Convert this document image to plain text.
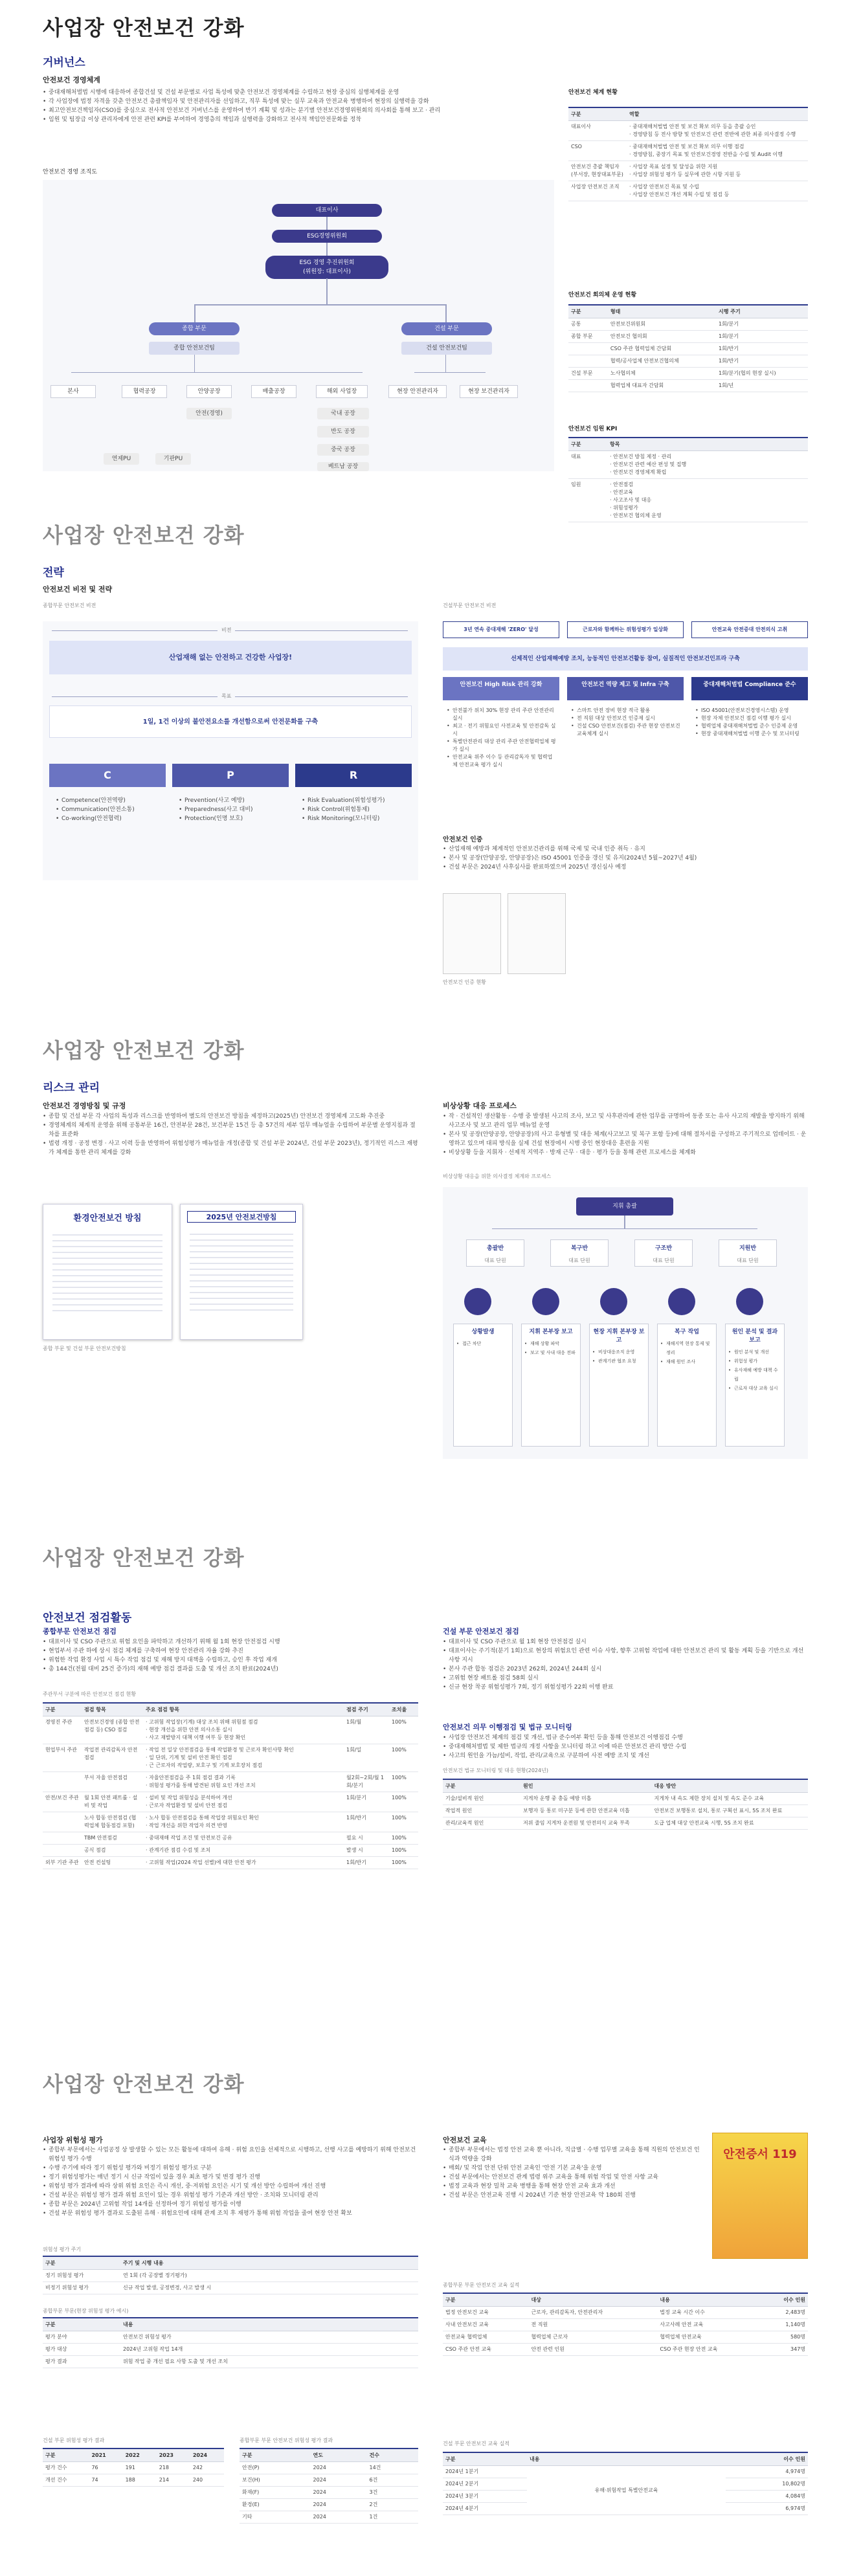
사업장 안전보건 강화
거버넌스
안전보건 경영체계
• 중대재해처벌법 시행에 대응하여 종합건설 및 건설 부문별로 사업 특성에 맞춘 안전보건 경영체계를 수립하고 현장 중심의 실행체계를 운영
• 각 사업장에 법정 자격을 갖춘 안전보건 총괄책임자 및 안전관리자를 선임하고, 직무 특성에 맞는 실무 교육과 안전교육 병행하여 현장의 실행력을 강화
• 최고안전보건책임자(CSO)를 중심으로 전사적 안전보건 거버넌스를 운영하여 반기 계획 및 성과는 분기별 안전보건경영위원회의 의사회를 통해 보고 · 관리
• 임원 및 팀장급 이상 관리자에게 안전 관련 KPI를 부여하여 경영층의 책임과 실행력을 강화하고 전사적 책임안전문화를 정착
안전보건 경영 조직도
대표이사
ESG경영위원회
ESG 경영 추진위원회
(위원장: 대표이사)
종합 부문
종합 안전보건팀
건설 부문
건설 안전보건팀
본사	협력공장	안양공장	배출공장	해외 사업장
안전(경영)
연제PU	기판PU
국내 공장
반도 공장
중국 공장
베트남 공장
현장 안전관리자	현장 보건관리자
안전보건 체계 현황
구분	역할
대표이사	· 중대재해처벌법 안전 및 보건 확보 의무 등을 총괄 승인
· 경영방침 등 전사 방향 및 안전보건 관련 전반에 관한 최종 의사결정 수행
CSO	· 중대재해처벌법 안전 및 보건 확보 의무 이행 점검
· 경영방침, 중장기 목표 및 안전보건경영 전반을 수립 및 Audit 이행
안전보건 총괄 책임자(부서장, 현장대표부문)	· 사업장 목표 설정 및 달성을 위한 지원
· 사업장 위험성 평가 등 실무에 관한 시항 지원 등
사업장 안전보건 조직	· 사업장 안전보건 목표 및 수립
· 사업장 안전보건 개선 계획 수립 및 점검 등
안전보건 회의체 운영 현황
구분	형태	시행 주기
공통	안전보건위원회	1회/분기
종합 부문	안전보건 협의회	1회/분기
	CSO 주관 협력업체 간담회	1회/반기
	협력/공사업체 안전보건협의체	1회/반기
건설 부문	노사협의체	1회/분기(협의 현장 실시)
	협력업체 대표자 간담회	1회/년
안전보건 임원 KPI
구분	항목
대표	· 안전보건 방침 제정 · 관리
· 안전보건 관련 예산 편성 및 집행
· 안전보건 경영체계 확립
임원	· 안전점검
· 안전교육
· 사고조사 및 대응
· 위험성평가
· 안전보건 협의체 운영
사업장 안전보건 강화
전략
안전보건 비전 및 전략
종합부문 안전보건 비전
비전
산업재해 없는 안전하고 건강한 사업장!
목표
1일, 1건 이상의 불안전요소를 개선함으로써 안전문화를 구축
C	P	R
• Competence(안전역량)
• Communication(안전소통)
• Co-working(안전협력)
• Prevention(사고 예방)
• Preparedness(사고 대비)
• Protection(인명 보호)
• Risk Evaluation(위험성평가)
• Risk Control(위험통제)
• Risk Monitoring(모니터링)
건설부문 안전보건 비전
3년 연속 중대재해 'ZERO' 달성	근로자와 함께하는 위험성평가 일상화	안전교육 안전증대 안전의식 고취
선제적인 산업재해예방 조치, 능동적인 안전보건활동 참여, 실질적인 안전보건인프라 구축
안전보건 High Risk 관리 강화	안전보건 역량 제고 및 Infra 구축	중대재해처벌법 Compliance 준수
• 안전불가 위치 30% 현장 관리 주관 안전관리실시
• 최고 · 전기 위험요인 사전교육 및 안전감독 실시
• 특별안전관리 대상 관리 주관 안전협력업체 평가 실시
• 안전교육 위주 이수 등 관리감독자 및 협력업체 안전교육 평가 실시
• 스마트 안전 장비 현장 적극 활용
• 전 직원 대상 안전보건 인증제 실시
• 건설 CSO 안전보건(점검) 주관 현장 안전보건 교육체계 실시
• ISO 45001(안전보건경영시스템) 운영
• 현장 자체 안전보건 점검 이행 평가 실시
• 협력업체 중대재해처벌법 준수 인증제 운영
• 현장 중대재해처벌법 이행 준수 및 모니터링
안전보건 인증
• 산업재해 예방과 체계적인 안전보건관리를 위해 국제 및 국내 인증 취득 · 유지
• 본사 및 공장(안양공장, 안양공장)은 ISO 45001 인증을 갱신 및 유지(2024년 5월~2027년 4월)
• 건설 부문은 2024년 사후심사를 완료하였으며 2025년 갱신심사 예정
안전보건 인증 현황
사업장 안전보건 강화
리스크 관리
안전보건 경영방침 및 규정
• 종합 및 건설 부문 각 사업의 특성과 리스크를 반영하여 별도의 안전보건 방침을 제정하고(2025년) 안전보건 경영체계 고도화 추진중
• 경영체계의 체계적 운영을 위해 공통부문 16건, 안전부문 28건, 보건부문 15건 등 총 57건의 세부 업무 매뉴얼을 수립하여 부문별 운영지침과 절차를 표준화
• 법령 개정 · 공정 변경 · 사고 이력 등을 반영하여 위험성평가 매뉴얼을 개정(종합 및 건설 부문 2024년, 건설 부문 2023년), 정기적인 리스크 재평가 체계를 통한 관리 체계를 강화
환경안전보건 방침	2025년 안전보건방침
종합 부문 및 건설 부문 안전보건방침
비상상황 대응 프로세스
• 작 · 건설적인 생산활동 · 수행 중 발생된 사고의 조사, 보고 및 사후관리에 관한 업무를 규명하여 동종 또는 유사 사고의 재발을 방지하기 위해 사고조사 및 보고 관리 업무 매뉴얼 운영
• 본사 및 공장(안양공장, 안양공장)의 사고 유형별 및 대응 체계(사고보고 및 복구 포함 등)에 대해 절차서를 구성하고 주기적으로 업데이트 · 운영하고 있으며 대피 방식을 실제 건설 현장에서 시행 중인 현장대응 훈련을 지원
• 비상상황 등을 지휘자 · 선제적 지역주 · 방재 근무 · 대응 · 평가 등을 통해 관련 프로세스를 체계화
비상상황 대응을 위한 의사결정 체계와 프로세스
지휘 총괄
총괄반
대표 단원
복구반
대표 단원
구조반
대표 단원
지원반
대표 단원
상황발생
• 접근 차단
지휘 본부장 보고
• 재해 상황 파악
• 보고 및 사내 대응 전파
현장 지휘 본부장 보고
• 비상대응조직 운영
• 관계기관 협조 요청
복구 작업
• 재해지역 현장 통제 및 정리
• 재해 원인 조사
원인 분석 및 결과 보고
• 원인 분석 및 개선
• 위험성 평가
• 유사재해 예방 대책 수립
• 근로자 대상 교육 실시
사업장 안전보건 강화
안전보건 점검활동
종합부문 안전보건 점검
• 대표이사 및 CSO 주관으로 위험 요인을 파악하고 개선하기 위해 월 1회 현장 안전점검 시행
• 현업부서 주관 하에 상시 점검 체계를 구축하여 현장 안전관리 자율 강화 추진
• 위험한 작업 환경 사업 시 특수 작업 점검 및 재해 방지 대책을 수립하고, 승인 후 작업 재개
• 총 144건(전월 대비 25건 증가)의 재해 예방 점검 결과를 도출 및 개선 조치 완료(2024년)
주관부서 구분에 따른 안전보건 점검 현황
구분	점검 항목	주요 점검 항목	점검 주기	조치율
경영진 주관	안전보건경영 (종합 안전점검 등) CSO 점검	· 고위험 작업장(기계) 대상 조치 위해 위험점 점검
· 현장 개선을 위한 안전 의사소통 실시
· 사고 재발방지 대책 이행 여부 등 현장 확인	1회/월	100%
현업부서 주관	작업전 관리감독자 안전점검	· 작업 전 일상 안전점검을 통해 작업환경 및 근로자 확인사항 확인
· 일 단위, 기계 및 설비 안전 확인 점검
· 근 근로자의 작업량, 보호구 및 기계 보호장치 점검	1회/일	100%
	부서 자율 안전점검	· 자율안전점검을 주 1회 점검 결과 기록
· 위험성 평가를 통해 발견된 위험 요인 개선 조치	월2회~2회/월 1회/분기	100%
안전/보건 주관	월 1회 안전 패트롤 · 설비 및 작업	· 설비 및 작업 위험성을 분석하여 개선
· 근로자 작업환경 및 설비 안전 점검	1회/분기	100%
	노사 합동 안전점검 (협력업체 합동점검 포함)	· 노사 합동 안전점검을 통해 작업장 위험요인 확인
· 작업 개선을 위한 작업자 의견 반영	1회/반기	100%
	TBM 안전점검	· 중대재해 작업 조건 및 안전보건 공유	필요 시	100%
	공식 점검	· 관계기관 점검 수검 및 조치	발생 시	100%
외부 기관 주관	안전 컨설팅	· 고위험 작업(2024 작업 선별)에 대한 안전 평가	1회/반기	100%
건설 부문 안전보건 점검
• 대표이사 및 CSO 주관으로 월 1회 현장 안전점검 실시
• 대표이사는 주기적(분기 1회)으로 현장의 위험요인 관련 이슈 사항, 향후 고위험 작업에 대한 안전보건 관리 및 활동 계획 등을 기반으로 개선 사항 지시
• 본사 주관 합동 점검은 2023년 262회, 2024년 244회 실시
• 고위험 현장 패트롤 점검 58회 실시
• 신규 현장 착공 위험성평가 7회, 정기 위험성평가 22회 이행 완료
안전보건 의무 이행점검 및 법규 모니터링
• 사업장 안전보건 체계의 점검 및 개선, 법규 준수여부 확인 등을 통해 안전보건 이행점검 수행
• 중대재해처벌법 및 제한 법규의 개정 사항을 모니터링 하고 이에 따른 안전보건 관리 방안 수립
• 사고의 원인을 가늠/설비, 작업, 관리/교육으로 구분하여 사전 예방 조치 및 개선
안전보건 법규 모니터링 및 대응 현황(2024년)
구분	원인	대응 방안
기술/설비적 원인	지게차 운행 중 충돌 예방 미흡	지게차 내 속도 제한 장치 설치 및 속도 준수 교육
작업적 원인	보행자 등 통로 미구분 등에 관한 안전교육 미흡	안전보건 보행통로 설치, 통로 구획선 표시, 5S 조치 완료
관리/교육적 원인	저위 줄임 지게차 운전원 및 안전의식 교육 부족	도급 업체 대상 안전교육 시행, 5S 조치 완료
사업장 안전보건 강화
사업장 위험성 평가
• 종합부 부문에서는 사업공정 상 발생할 수 있는 모든 활동에 대하여 유해 · 위험 요인을 선제적으로 시행하고, 선행 사고를 예방하기 위해 안전보건 위험성 평가 수행
• 수행 주기에 따라 정기 위험성 평가와 비정기 위험성 평가로 구분
• 정기 위험성평가는 매년 정기 시 신규 작업이 있을 경우 최초 평가 및 변경 평가 진행
• 위험성 평가 결과에 따라 상위 위험 요인은 즉시 개선, 중·저위험 요인은 시기 및 개선 방안 수립하여 개선 진행
• 건설 부문은 위험성 평가 결과 위험 요인이 있는 경우 위험성 평가 기준과 개선 방안 · 조치와 모니터링 관리
• 종합 부문은 2024년 고위험 작업 14개를 선정하여 정기 위험성 평가를 이행
• 건설 부문 위험성 평가 결과로 도출된 유해 · 위험요인에 대해 관계 조치 후 재평가 통해 위험 작업을 줄여 현장 안전 확보
위험성 평가 주기
구분	주기 및 시행 내용
정기 위험성 평가	연 1회 (각 공장별 정기평가)
비정기 위험성 평가	신규 작업 발생, 공정변경, 사고 발생 시
종합부문 부문(현장 위험성 평가 예시)
구분	내용
평가 분야	안전보건 위험성 평가
평가 대상	2024년 고위험 작업 14개
평가 결과	위험 작업 중 개선 필요 사항 도출 및 개선 조치
건설 부문 위험성 평가 결과
구분	2021	2022	2023	2024
평가 건수	76	191	218	242
개선 건수	74	188	214	240
종합부문 부문 안전보건 위험성 평가 결과
구분	연도	건수
안전(P)	2024	14건
보건(H)	2024	6건
화재(F)	2024	3건
환경(E)	2024	2건
기타	2024	1건
안전보건 교육
• 종합부 부문에서는 법정 안전 교육 뿐 아니라, 직급별 · 수행 업무별 교육을 통해 직원의 안전보건 인식과 역량을 강화
• 매회/ 및 작업 안전 단위 안전 교육인 '안전 기본 교육'을 운영
• 건설 부문에서는 안전보건 관계 법령 위주 교육을 통해 위험 작업 및 안전 사항 교육
• 법정 교육과 현장 밀착 교육 병행을 통해 현장 안전 교육 효과 개선
• 건설 부문은 안전교육 진행 시 2024년 기준 현장 안전교육 약 180회 진행
안전증서 119
종합부문 부문 안전보건 교육 실적
구분	대상	내용	이수 인원
법정 안전보건 교육	근로자, 관리감독자, 안전관리자	법정 교육 시간 이수	2,483명
사내 안전보건 교육	전 직원	사고사례 안전 교육	1,140명
안전교육 협력업체	협력업체 근로자	협력업체 안전교육	580명
CSO 주관 안전 교육	안전 관련 인원	CSO 주관 현장 안전 교육	347명
건설 부문 안전보건 교육 실적
구분	내용	이수 인원
2024년 1분기	유해·위험작업 특별안전교육	4,974명
2024년 2분기		10,802명
2024년 3분기		4,084명
2024년 4분기		6,974명
